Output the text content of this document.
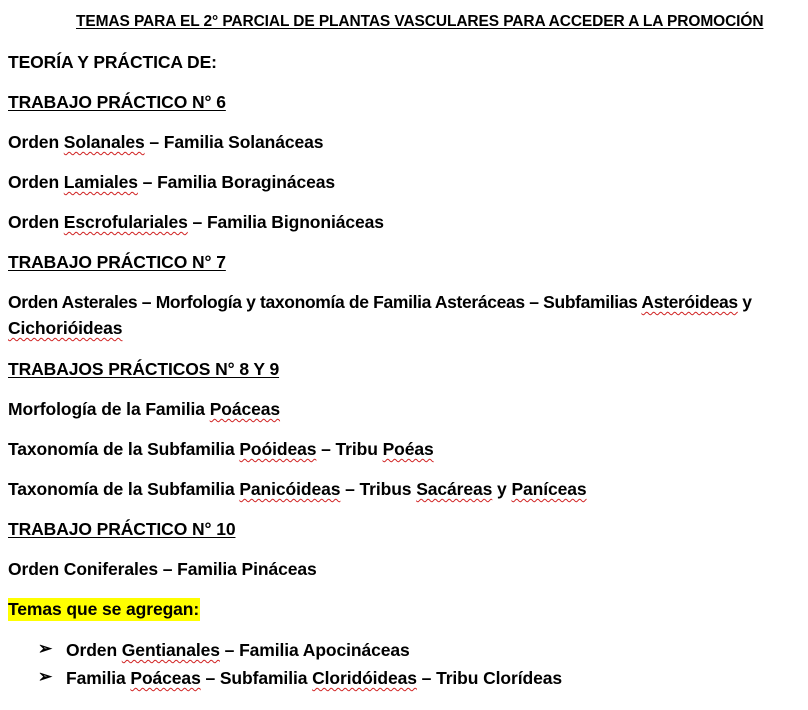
TEMAS PARA EL 2° PARCIAL DE PLANTAS VASCULARES PARA ACCEDER A LA PROMOCIÓN
TEORÍA Y PRÁCTICA DE:
TRABAJO PRÁCTICO N° 6
Orden Solanales – Familia Solanáceas
Orden Lamiales – Familia Boragináceas
Orden Escrofulariales – Familia Bignoniáceas
TRABAJO PRÁCTICO N° 7
Orden Asterales – Morfología y taxonomía de Familia Asteráceas – Subfamilias Asteróideas y
Cichorióideas
TRABAJOS PRÁCTICOS N° 8 Y 9
Morfología de la Familia Poáceas
Taxonomía de la Subfamilia Poóideas – Tribu Poéas
Taxonomía de la Subfamilia Panicóideas – Tribus Sacáreas y Paníceas
TRABAJO PRÁCTICO N° 10
Orden Coniferales – Familia Pináceas
Temas que se agregan:
➢ Orden Gentianales – Familia Apocináceas
➢ Familia Poáceas – Subfamilia Cloridóideas – Tribu Clorídeas
